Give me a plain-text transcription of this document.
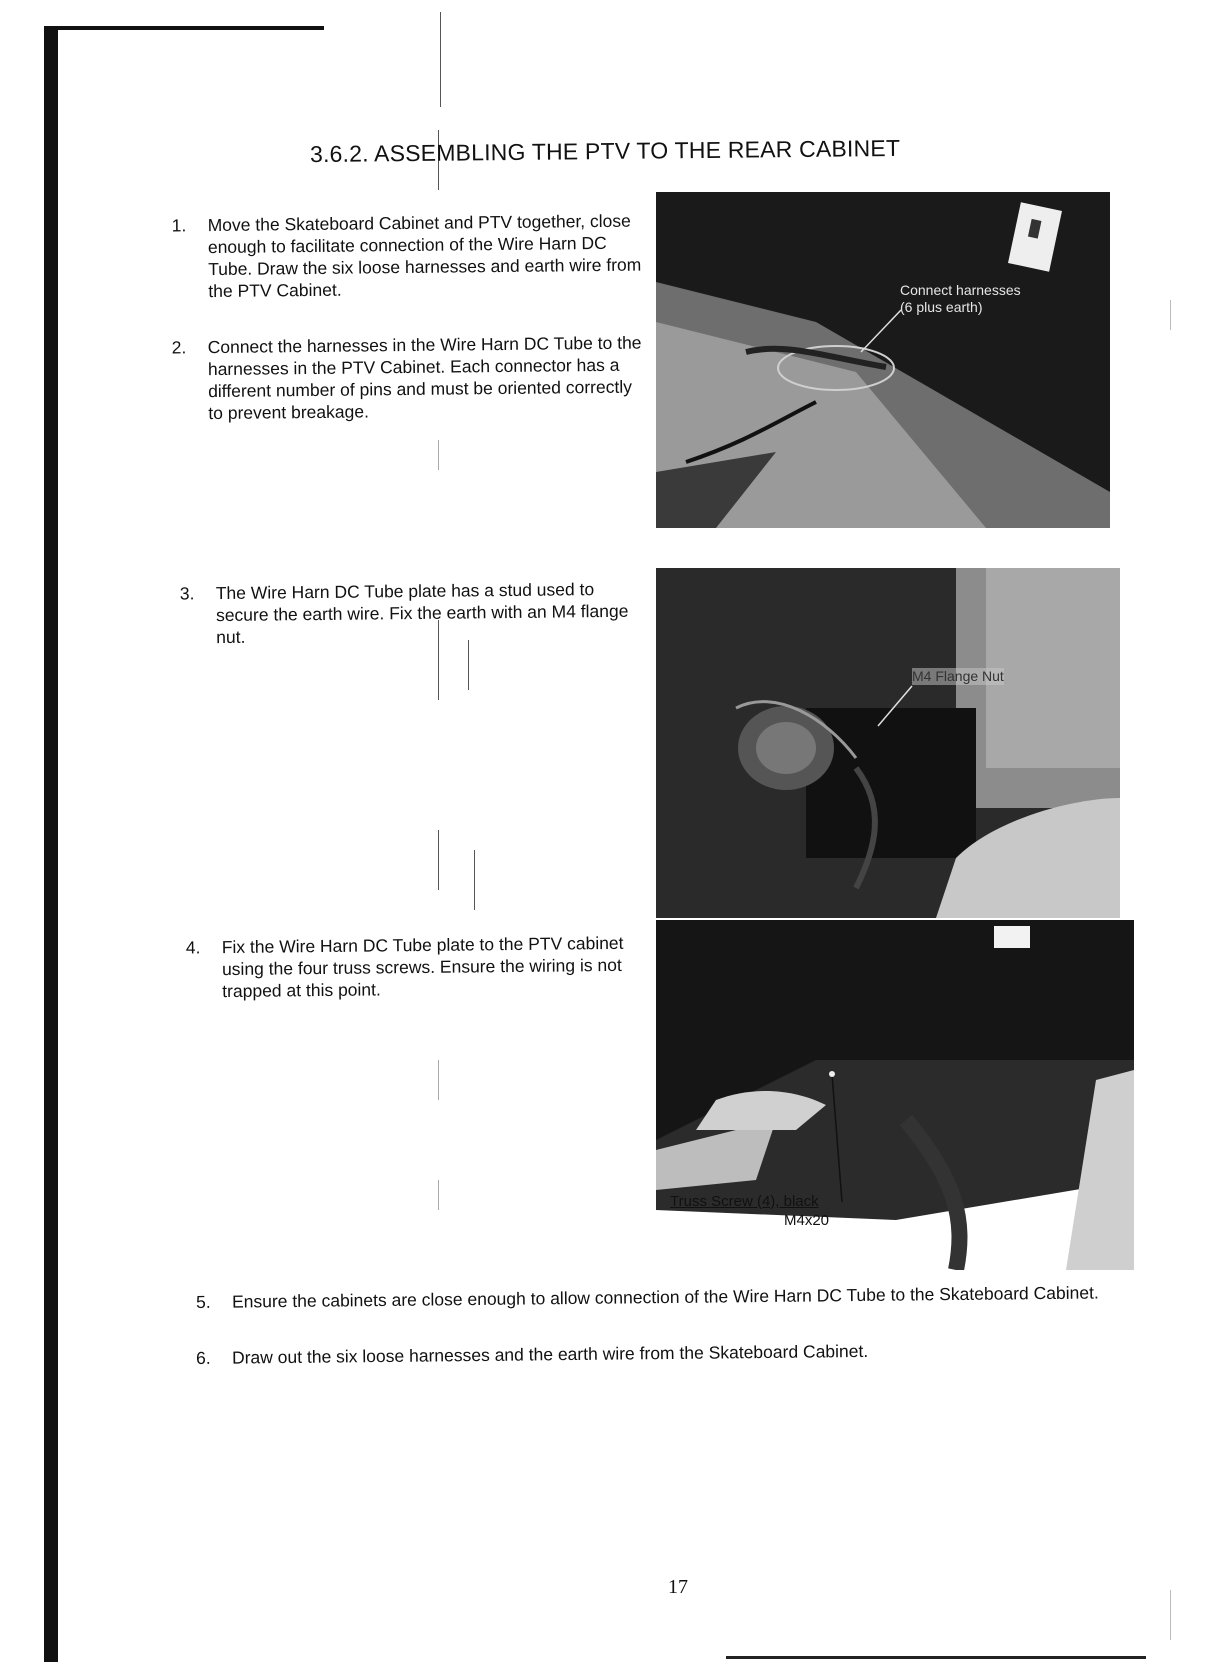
3.6.2. ASSEMBLING THE PTV TO THE REAR CABINET
1. Move the Skateboard Cabinet and PTV together, close enough to facilitate connection of the Wire Harn DC Tube. Draw the six loose harnesses and earth wire from the PTV Cabinet.
2. Connect the harnesses in the Wire Harn DC Tube to the harnesses in the PTV Cabinet. Each connector has a different number of pins and must be oriented correctly to prevent breakage.
3. The Wire Harn DC Tube plate has a stud used to secure the earth wire. Fix the earth with an M4 flange nut.
4. Fix the Wire Harn DC Tube plate to the PTV cabinet using the four truss screws. Ensure the wiring is not trapped at this point.
5. Ensure the cabinets are close enough to allow connection of the Wire Harn DC Tube to the Skateboard Cabinet.
6. Draw out the six loose harnesses and the earth wire from the Skateboard Cabinet.
Connect harnesses
(6 plus earth)
M4 Flange Nut
Truss Screw (4), black
M4x20
17
